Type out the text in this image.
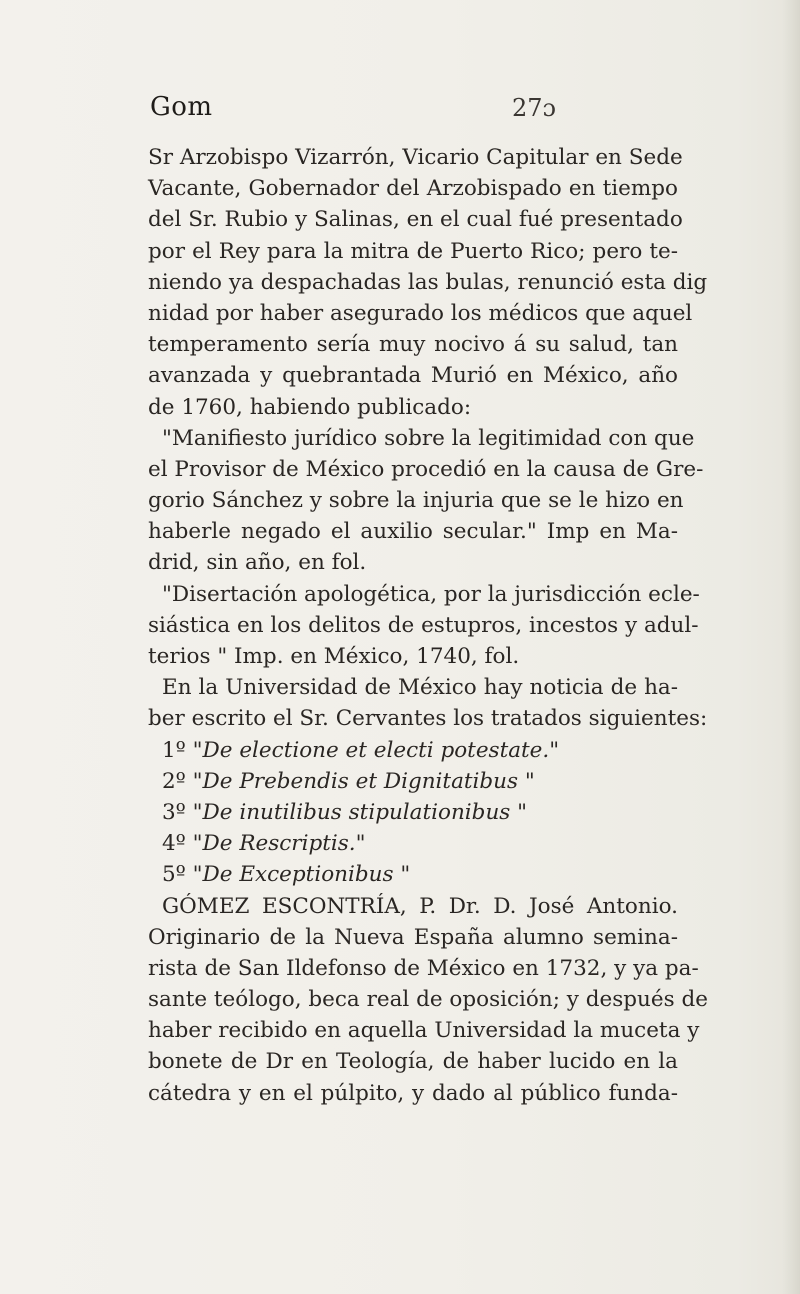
Gom	27ɔ
Sr Arzobispo Vizarrón, Vicario Capitular en Sede
Vacante, Gobernador del Arzobispado en tiempo
del Sr. Rubio y Salinas, en el cual fué presentado
por el Rey para la mitra de Puerto Rico; pero te-
niendo ya despachadas las bulas, renunció esta dig
nidad por haber asegurado los médicos que aquel
temperamento sería muy nocivo á su salud, tan
avanzada y quebrantada Murió en México, año
de 1760, habiendo publicado:
"Manifiesto jurídico sobre la legitimidad con que
el Provisor de México procedió en la causa de Gre-
gorio Sánchez y sobre la injuria que se le hizo en
haberle negado el auxilio secular." Imp en Ma-
drid, sin año, en fol.
"Disertación apologética, por la jurisdicción ecle-
siástica en los delitos de estupros, incestos y adul-
terios " Imp. en México, 1740, fol.
En la Universidad de México hay noticia de ha-
ber escrito el Sr. Cervantes los tratados siguientes:
1º "De electione et electi potestate."
2º "De Prebendis et Dignitatibus "
3º "De inutilibus stipulationibus "
4º "De Rescriptis."
5º "De Exceptionibus "
GÓMEZ ESCONTRÍA, P. Dr. D. José Antonio.
Originario de la Nueva España alumno semina-
rista de San Ildefonso de México en 1732, y ya pa-
sante teólogo, beca real de oposición; y después de
haber recibido en aquella Universidad la muceta y
bonete de Dr en Teología, de haber lucido en la
cátedra y en el púlpito, y dado al público funda-
